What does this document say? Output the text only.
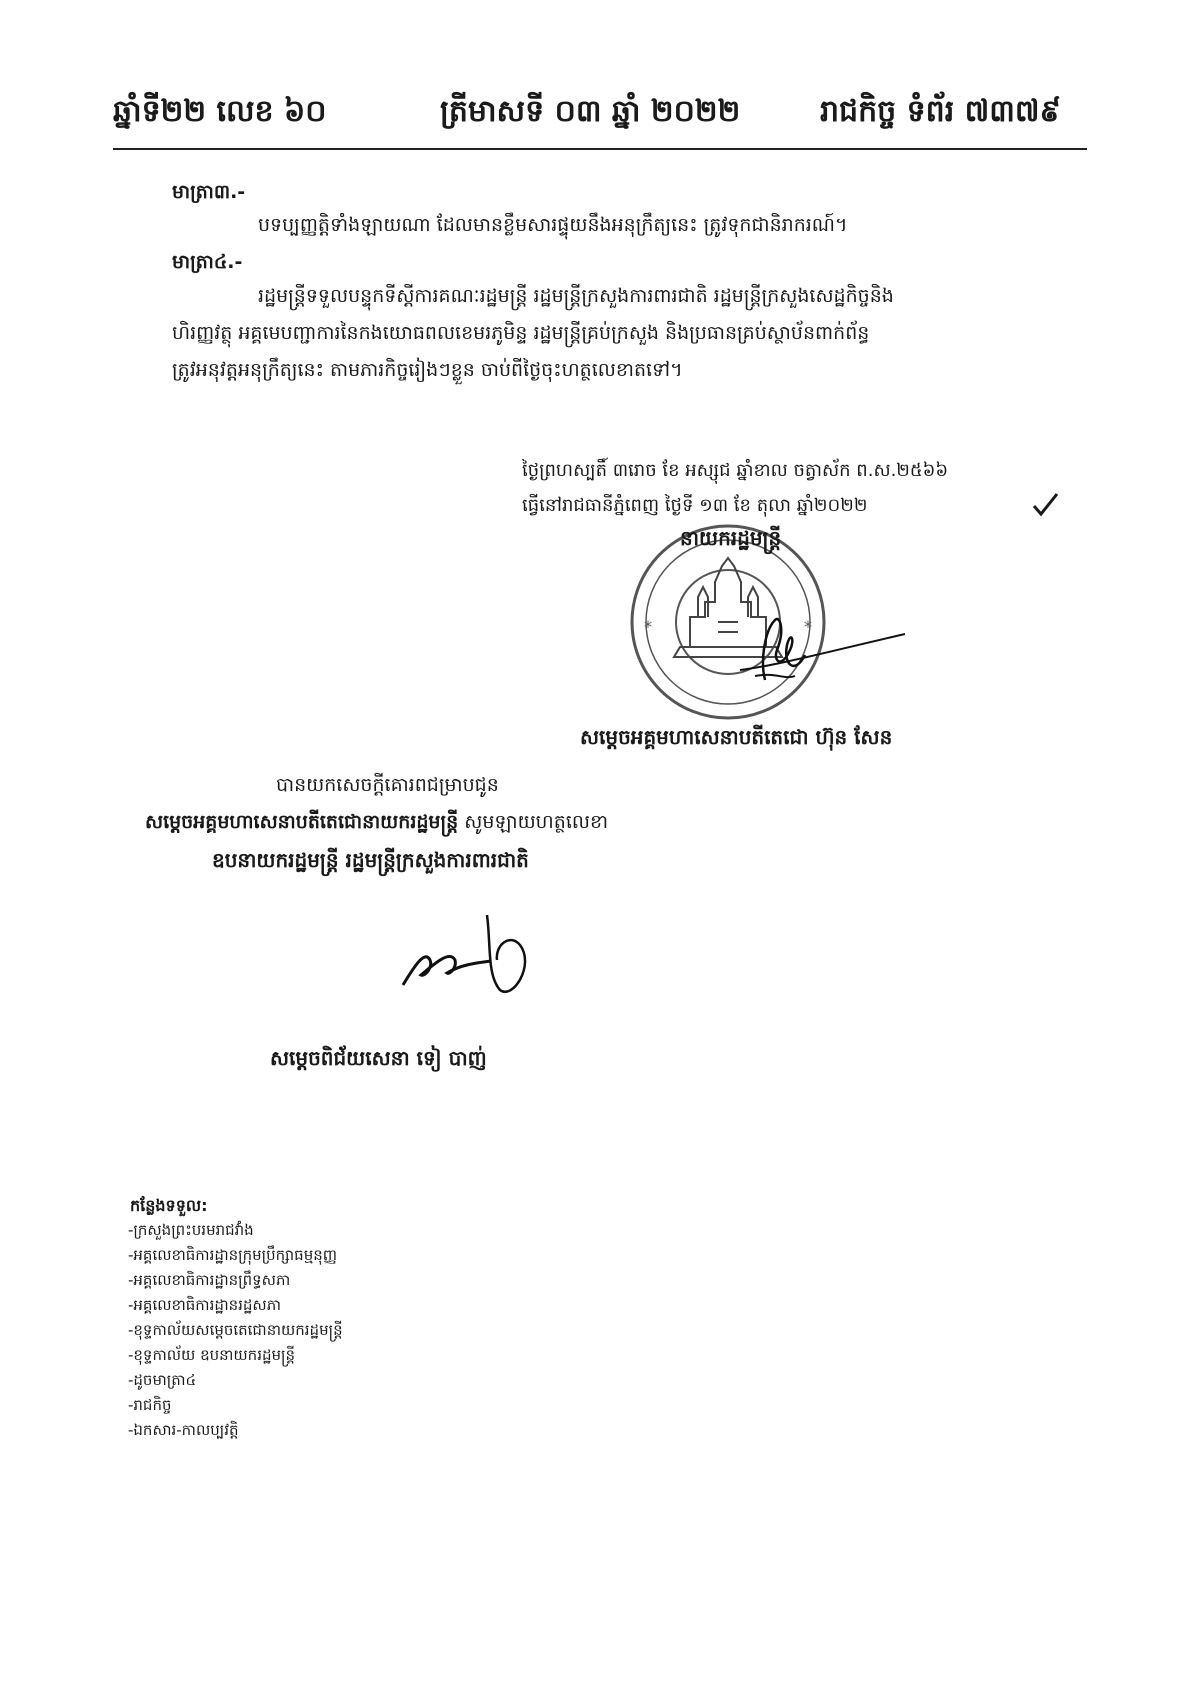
ឆ្នាំទី២២ លេខ ៦០	ត្រីមាសទី ០៣ ឆ្នាំ ២០២២	រាជកិច្ច ទំព័រ ៧៣៧៩
មាត្រា៣.-
បទប្បញ្ញត្តិទាំងឡាយណា ដែលមានខ្លឹមសារផ្ទុយនឹងអនុក្រឹត្យនេះ ត្រូវទុកជានិរាករណ៍។
មាត្រា៤.-
រដ្ឋមន្ត្រីទទួលបន្ទុកទីស្តីការគណៈរដ្ឋមន្ត្រី រដ្ឋមន្ត្រីក្រសួងការពារជាតិ រដ្ឋមន្ត្រីក្រសួងសេដ្ឋកិច្ចនិង
ហិរញ្ញវត្ថុ អគ្គមេបញ្ជាការនៃកងយោធពលខេមរភូមិន្ទ រដ្ឋមន្ត្រីគ្រប់ក្រសួង និងប្រធានគ្រប់ស្ថាប័នពាក់ព័ន្ធ
ត្រូវអនុវត្តអនុក្រឹត្យនេះ តាមភារកិច្ចរៀងៗខ្លួន ចាប់ពីថ្ងៃចុះហត្ថលេខាតទៅ។
ថ្ងៃព្រហស្បតិ៍ ៣រោច ខែ អស្សុជ ឆ្នាំខាល ចត្វាស័ក ព.ស.២៥៦៦
ធ្វើនៅរាជធានីភ្នំពេញ ថ្ងៃទី ១៣ ខែ តុលា ឆ្នាំ២០២២
*	*
នាយករដ្ឋមន្ត្រី
សម្តេចអគ្គមហាសេនាបតីតេជោ ហ៊ុន សែន
បានយកសេចក្តីគោរពជម្រាបជូន
សម្តេចអគ្គមហាសេនាបតីតេជោនាយករដ្ឋមន្ត្រី សូមឡាយហត្ថលេខា
ឧបនាយករដ្ឋមន្ត្រី រដ្ឋមន្ត្រីក្រសួងការពារជាតិ
សម្តេចពិជ័យសេនា ទៀ បាញ់
កន្លែងទទួល:
-ក្រសួងព្រះបរមរាជវាំង
-អគ្គលេខាធិការដ្ឋានក្រុមប្រឹក្សាធម្មនុញ្ញ
-អគ្គលេខាធិការដ្ឋានព្រឹទ្ធសភា
-អគ្គលេខាធិការដ្ឋានរដ្ឋសភា
-ខុទ្ទកាល័យសម្តេចតេជោនាយករដ្ឋមន្ត្រី
-ខុទ្ទកាល័យ ឧបនាយករដ្ឋមន្ត្រី
-ដូចមាត្រា៤
-រាជកិច្ច
-ឯកសារ-កាលប្បវត្តិ
